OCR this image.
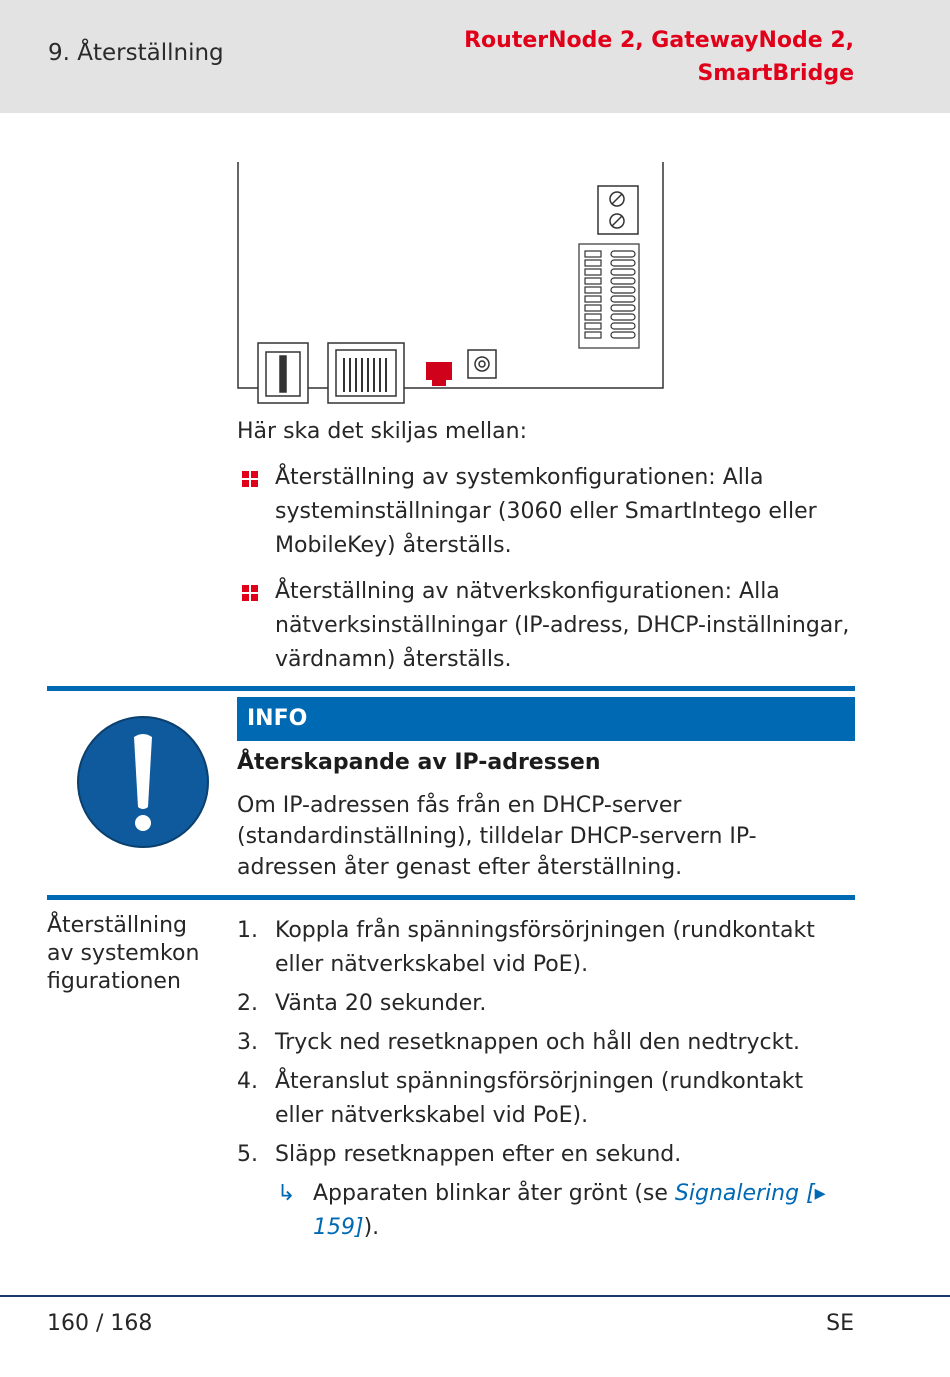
9. Återställning	RouterNode 2, GatewayNode 2,
SmartBridge
Här ska det skiljas mellan:
Återställning av systemkonfigurationen: Alla systeminställningar (3060 eller SmartIntego eller MobileKey) återställs.
Återställning av nätverkskonfigurationen: Alla nätverksinställningar (IP-adress, DHCP-inställningar, värdnamn) återställs.
INFO
Återskapande av IP-adressen
Om IP-adressen fås från en DHCP-server (standardinställning), tilldelar DHCP-servern IP-adressen åter genast efter återställning.
Återställning av systemkonfigurationen
1. Koppla från spänningsförsörjningen (rundkontakt eller nätverkskabel vid PoE).
2. Vänta 20 sekunder.
3. Tryck ned resetknappen och håll den nedtryckt.
4. Återanslut spänningsförsörjningen (rundkontakt eller nätverkskabel vid PoE).
5. Släpp resetknappen efter en sekund.
↳ Apparaten blinkar åter grönt (se Signalering [▸ 159]).
160 / 168	SE
